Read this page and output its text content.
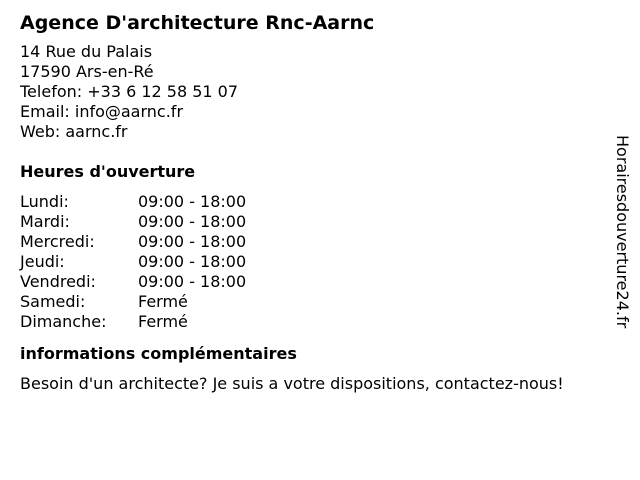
Agence D'architecture Rnc-Aarnc
14 Rue du Palais
17590 Ars-en-Ré
Telefon: +33 6 12 58 51 07
Email: info@aarnc.fr
Web: aarnc.fr
Heures d'ouverture
Lundi:	09:00 - 18:00
Mardi:	09:00 - 18:00
Mercredi:	09:00 - 18:00
Jeudi:	09:00 - 18:00
Vendredi:	09:00 - 18:00
Samedi:	Fermé
Dimanche:	Fermé
informations complémentaires
Besoin d'un architecte? Je suis a votre dispositions, contactez-nous!
Horairesdouverture24.fr
